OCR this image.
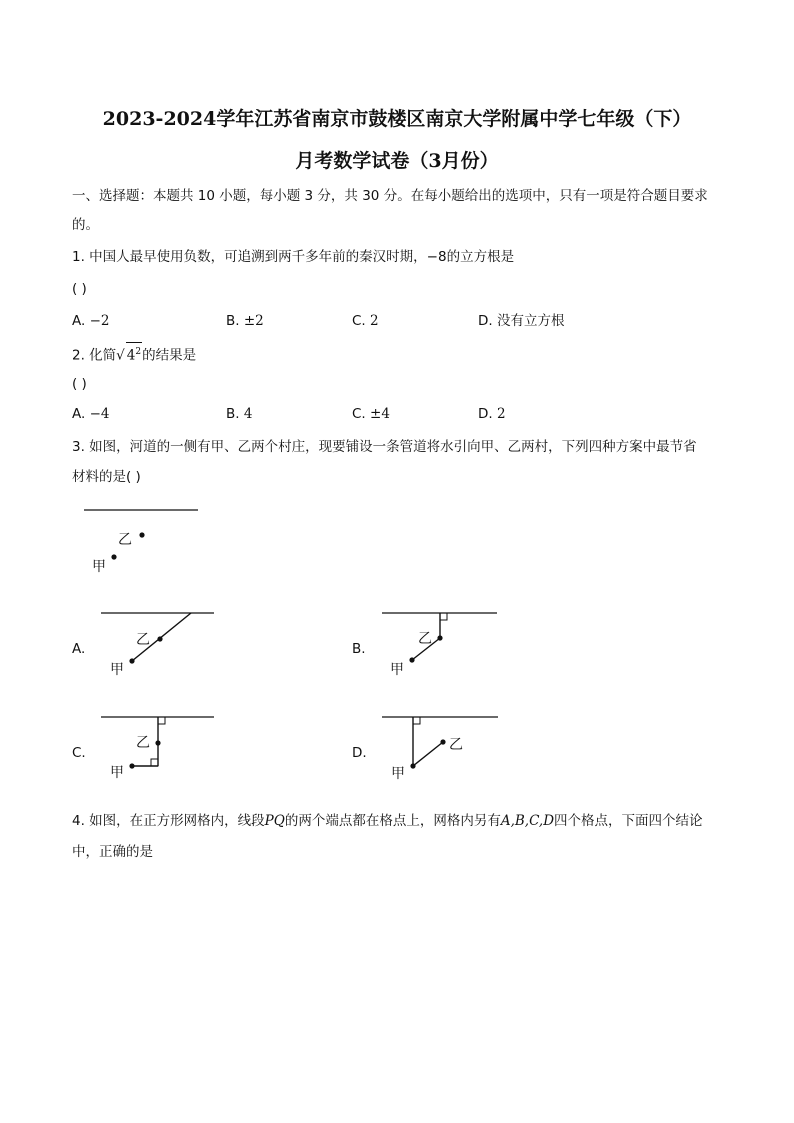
2023-2024学年江苏省南京市鼓楼区南京大学附属中学七年级（下）
月考数学试卷（3月份）
一、选择题：本题共 10 小题，每小题 3 分，共 30 分。在每小题给出的选项中，只有一项是符合题目要求
的。
1. 中国人最早使用负数，可追溯到两千多年前的秦汉时期，−8的立方根是
( )
A. −2	B. ±2	C. 2	D. 没有立方根
2. 化简√ $4^2$的结果是
( )
A. −4	B. 4	C. ±4	D. 2
3. 如图，河道的一侧有甲、乙两个村庄，现要铺设一条管道将水引向甲、乙两村，下列四种方案中最节省
材料的是( )
乙
甲
A.
乙
甲
B.
乙
甲
C.
乙
甲
D.	乙
甲
4. 如图，在正方形网格内，线段PQ的两个端点都在格点上，网格内另有A,B,C,D四个格点，下面四个结论
中，正确的是
